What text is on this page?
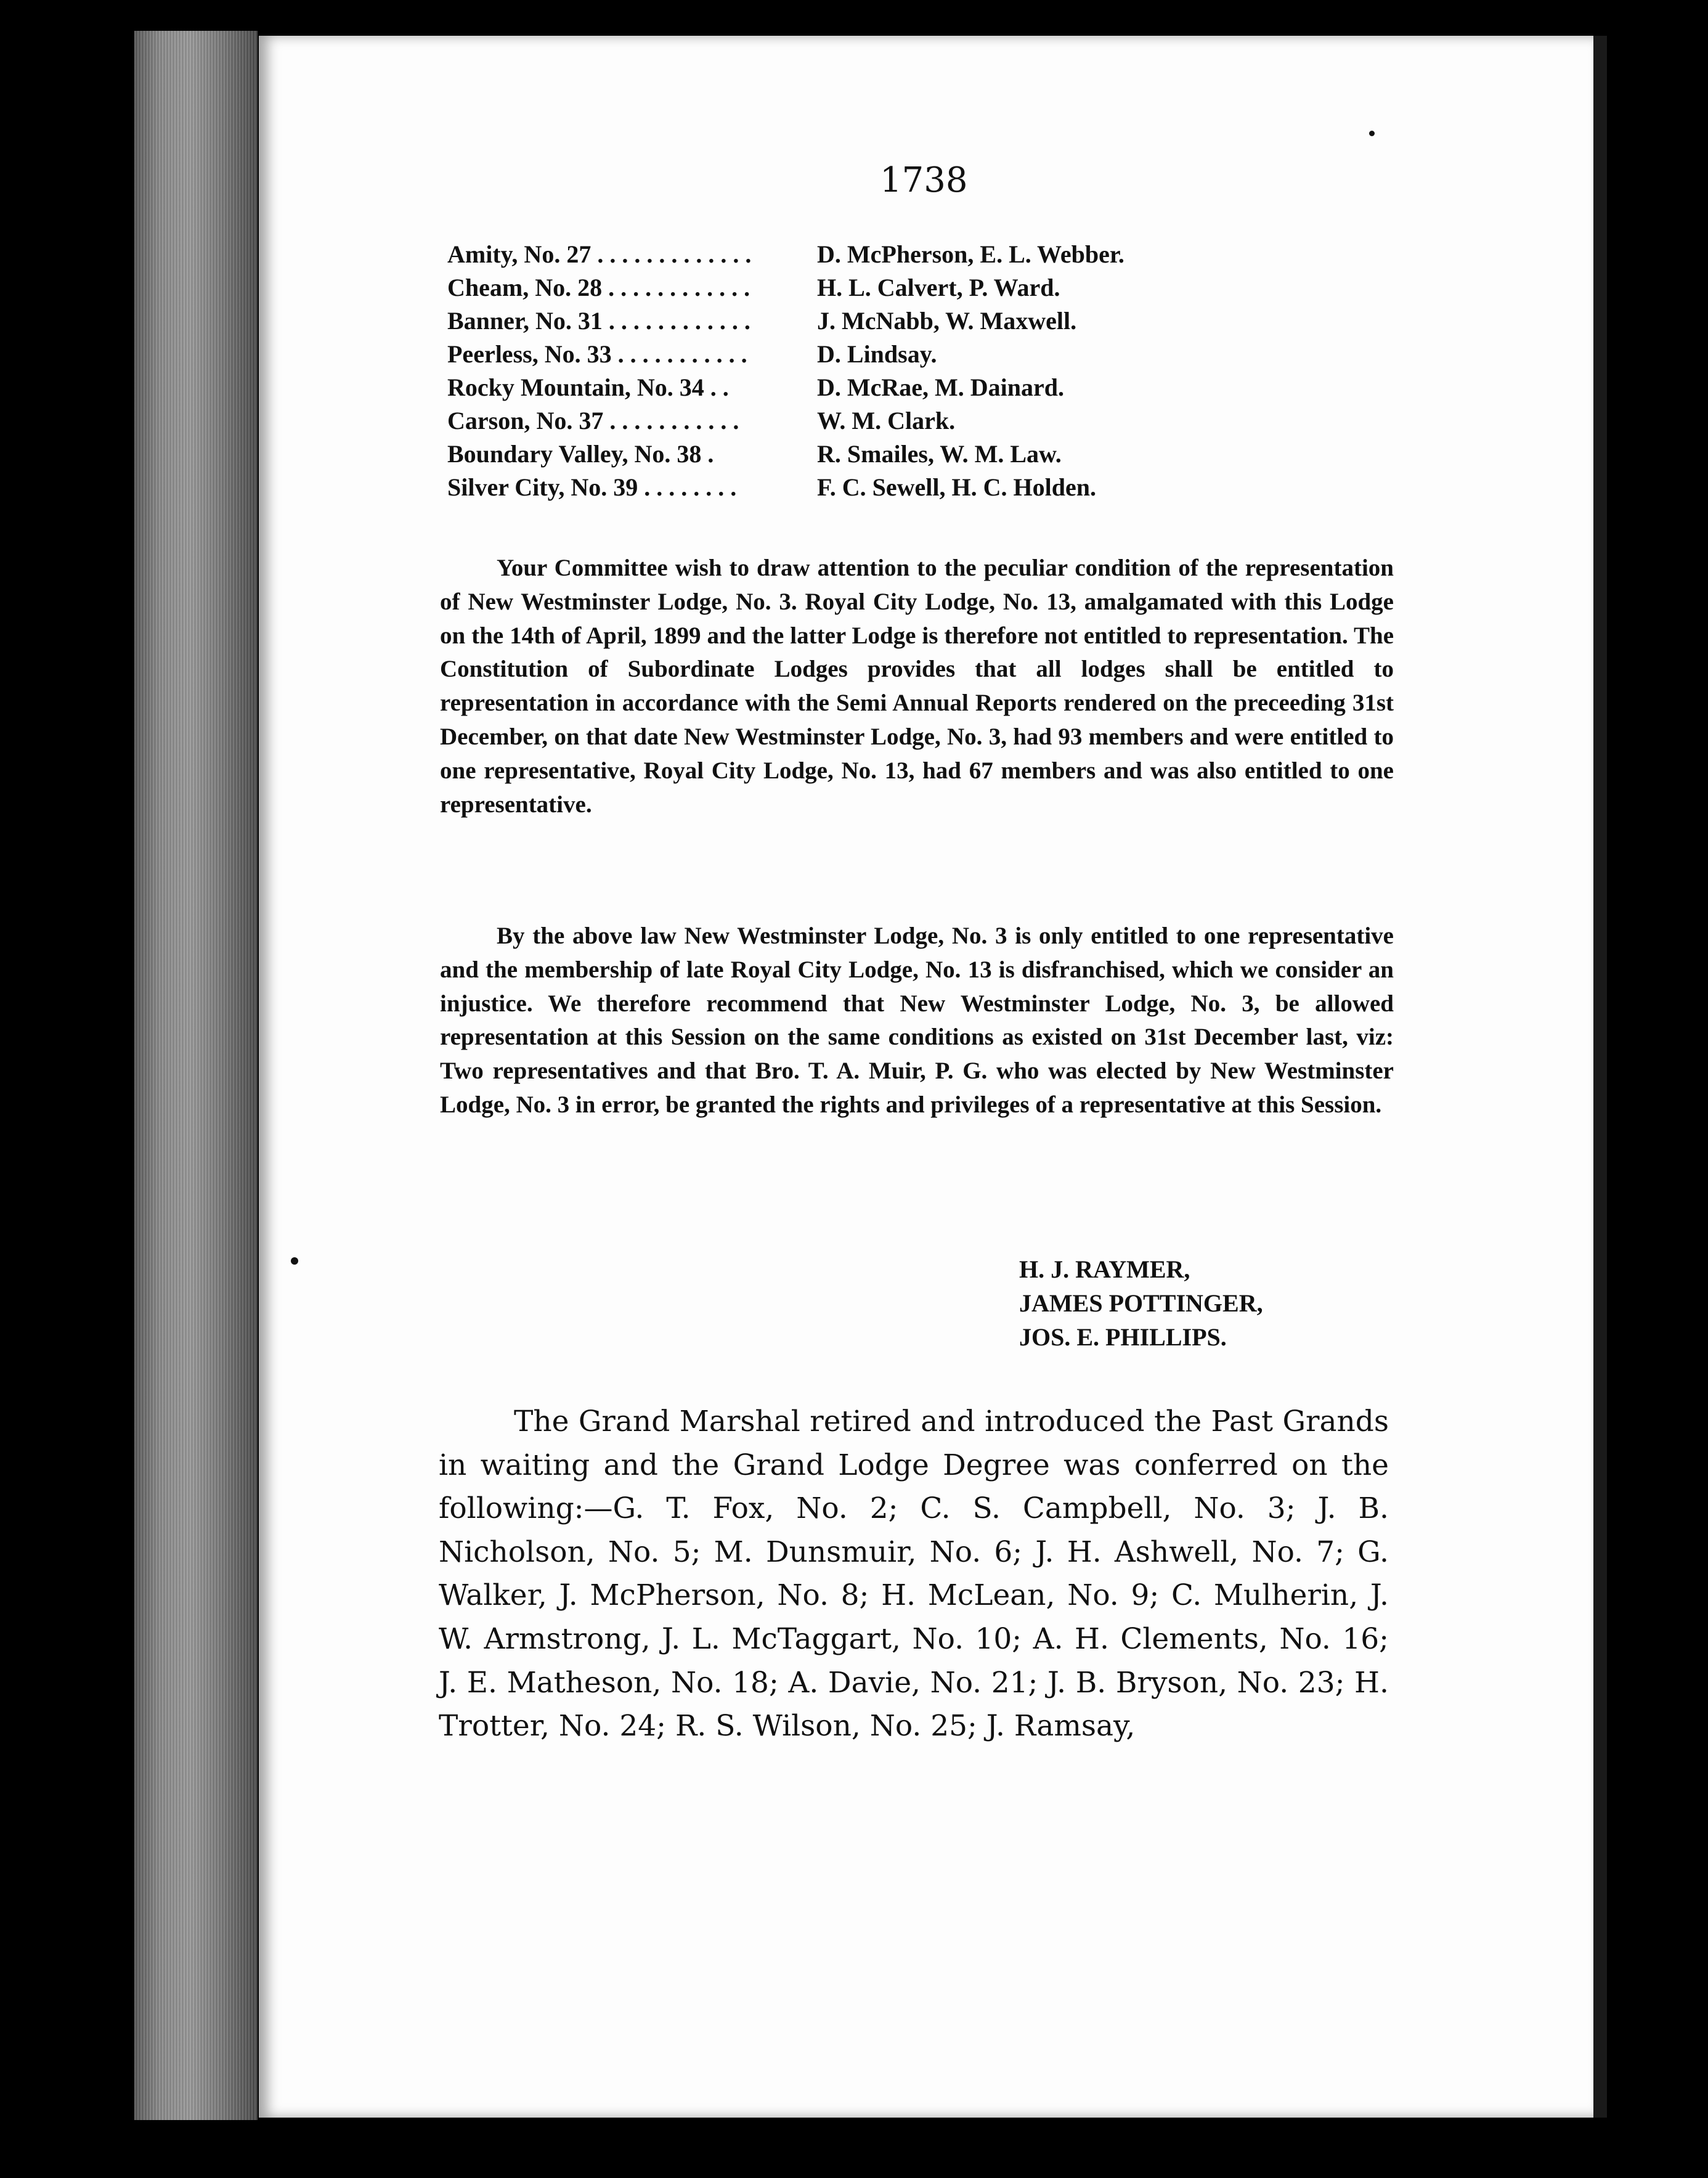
1738
Amity, No. 27 . . . . . . . . . . . . .	D. McPherson, E. L. Webber.
Cheam, No. 28 . . . . . . . . . . . .	H. L. Calvert, P. Ward.
Banner, No. 31 . . . . . . . . . . . .	J. McNabb, W. Maxwell.
Peerless, No. 33 . . . . . . . . . . .	D. Lindsay.
Rocky Mountain, No. 34 . .	D. McRae, M. Dainard.
Carson, No. 37 . . . . . . . . . . .	W. M. Clark.
Boundary Valley, No. 38 .	R. Smailes, W. M. Law.
Silver City, No. 39 . . . . . . . .	F. C. Sewell, H. C. Holden.

Your Committee wish to draw attention to the peculiar condition of the representation of New Westminster Lodge, No. 3. Royal City Lodge, No. 13, amalgamated with this Lodge on the 14th of April, 1899 and the latter Lodge is therefore not entitled to representation. The Constitution of Subordinate Lodges provides that all lodges shall be entitled to representation in accordance with the Semi Annual Reports rendered on the preceeding 31st December, on that date New Westminster Lodge, No. 3, had 93 members and were entitled to one representative, Royal City Lodge, No. 13, had 67 members and was also entitled to one representative.

By the above law New Westminster Lodge, No. 3 is only entitled to one representative and the membership of late Royal City Lodge, No. 13 is disfranchised, which we consider an injustice. We therefore recommend that New Westminster Lodge, No. 3, be allowed representation at this Session on the same conditions as existed on 31st December last, viz: Two representatives and that Bro. T. A. Muir, P. G. who was elected by New Westminster Lodge, No. 3 in error, be granted the rights and privileges of a representative at this Session.

H. J. RAYMER,
JAMES POTTINGER,
JOS. E. PHILLIPS.

The Grand Marshal retired and introduced the Past Grands in waiting and the Grand Lodge Degree was conferred on the following:—G. T. Fox, No. 2; C. S. Campbell, No. 3; J. B. Nicholson, No. 5; M. Dunsmuir, No. 6; J. H. Ashwell, No. 7; G. Walker, J. McPherson, No. 8; H. McLean, No. 9; C. Mulherin, J. W. Armstrong, J. L. McTaggart, No. 10; A. H. Clements, No. 16; J. E. Matheson, No. 18; A. Davie, No. 21; J. B. Bryson, No. 23; H. Trotter, No. 24; R. S. Wilson, No. 25; J. Ramsay,
